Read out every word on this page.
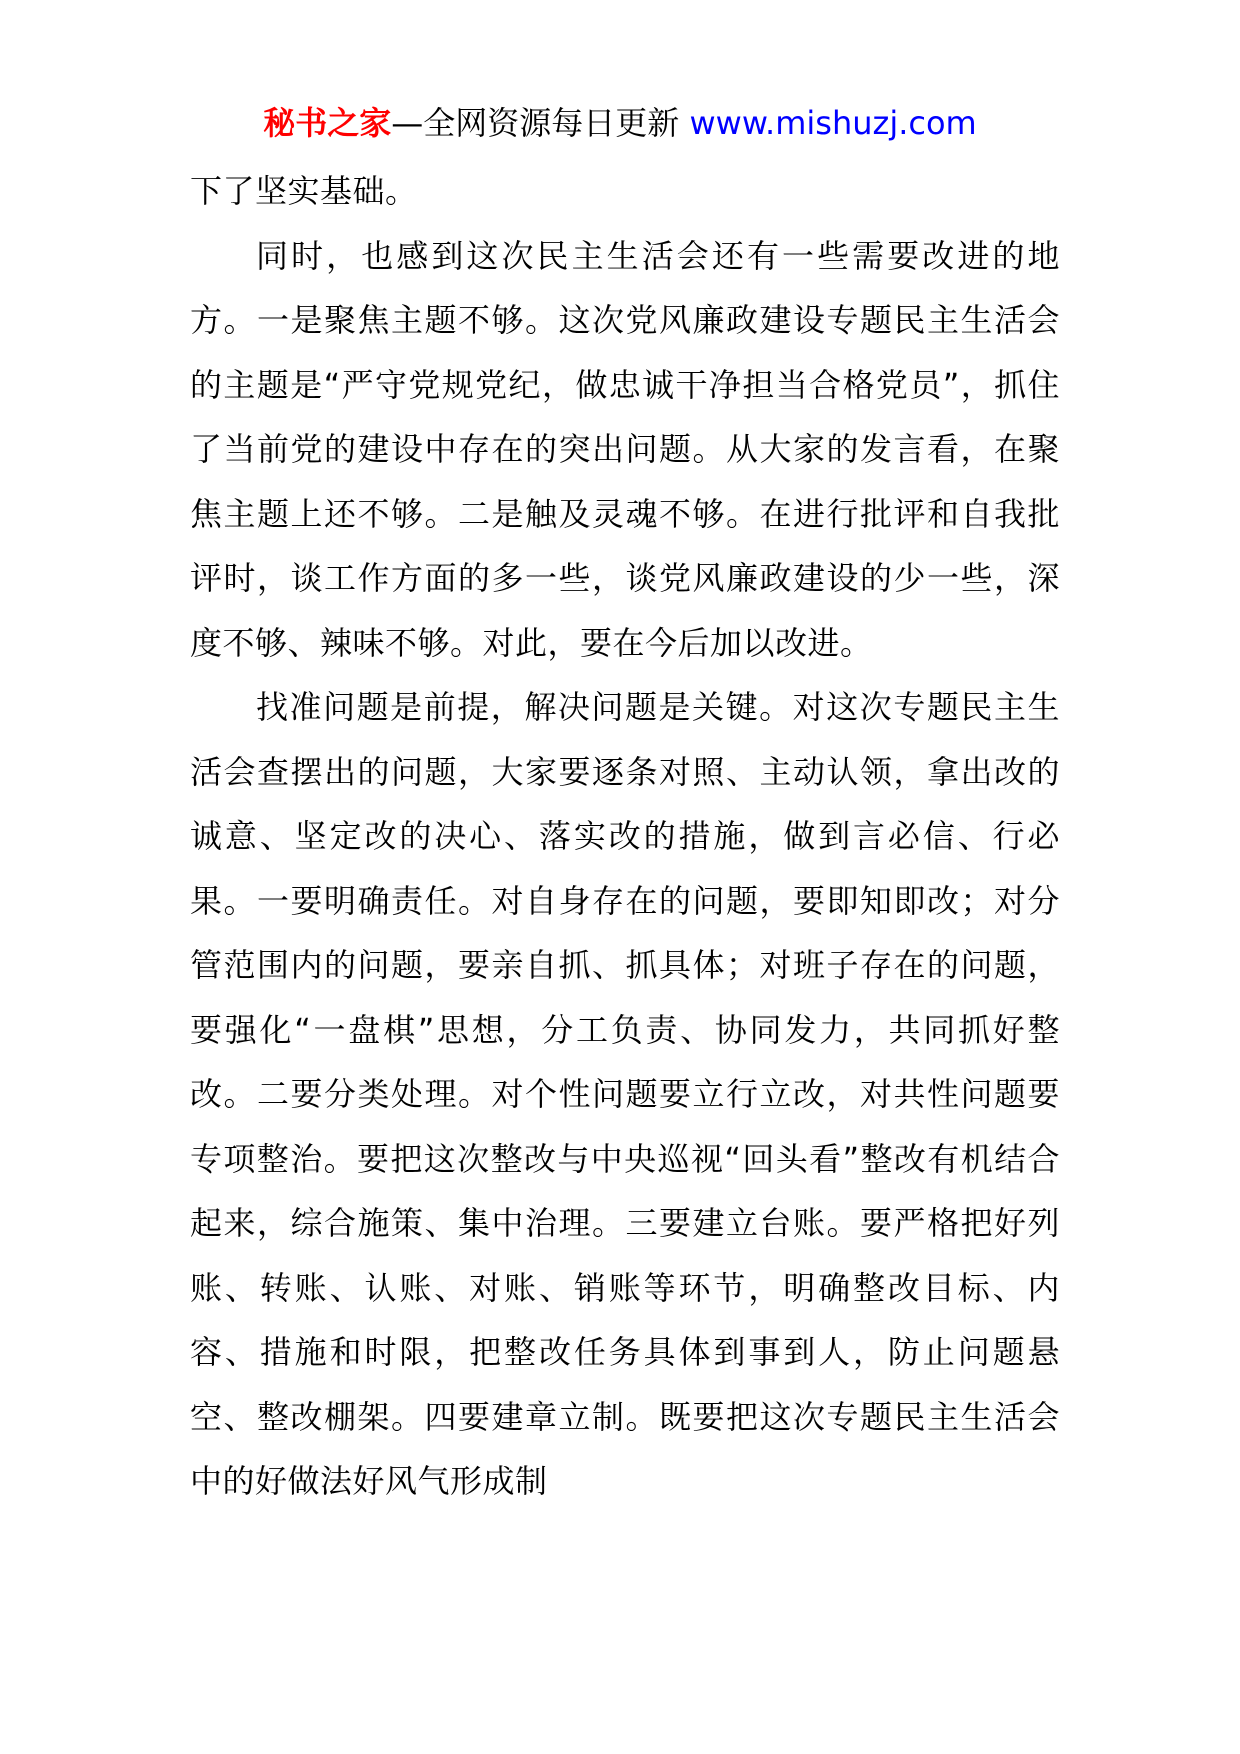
秘书之家—全网资源每日更新 www.mishuzj.com

下了坚实基础。

同时，也感到这次民主生活会还有一些需要改进的地方。一是聚焦主题不够。这次党风廉政建设专题民主生活会的主题是“严守党规党纪，做忠诚干净担当合格党员”，抓住了当前党的建设中存在的突出问题。从大家的发言看，在聚焦主题上还不够。二是触及灵魂不够。在进行批评和自我批评时，谈工作方面的多一些，谈党风廉政建设的少一些，深度不够、辣味不够。对此，要在今后加以改进。

找准问题是前提，解决问题是关键。对这次专题民主生活会查摆出的问题，大家要逐条对照、主动认领，拿出改的诚意、坚定改的决心、落实改的措施，做到言必信、行必果。一要明确责任。对自身存在的问题，要即知即改；对分管范围内的问题，要亲自抓、抓具体；对班子存在的问题，要强化“一盘棋”思想，分工负责、协同发力，共同抓好整改。二要分类处理。对个性问题要立行立改，对共性问题要专项整治。要把这次整改与中央巡视“回头看”整改有机结合起来，综合施策、集中治理。三要建立台账。要严格把好列账、转账、认账、对账、销账等环节，明确整改目标、内容、措施和时限，把整改任务具体到事到人，防止问题悬空、整改棚架。四要建章立制。既要把这次专题民主生活会中的好做法好风气形成制
